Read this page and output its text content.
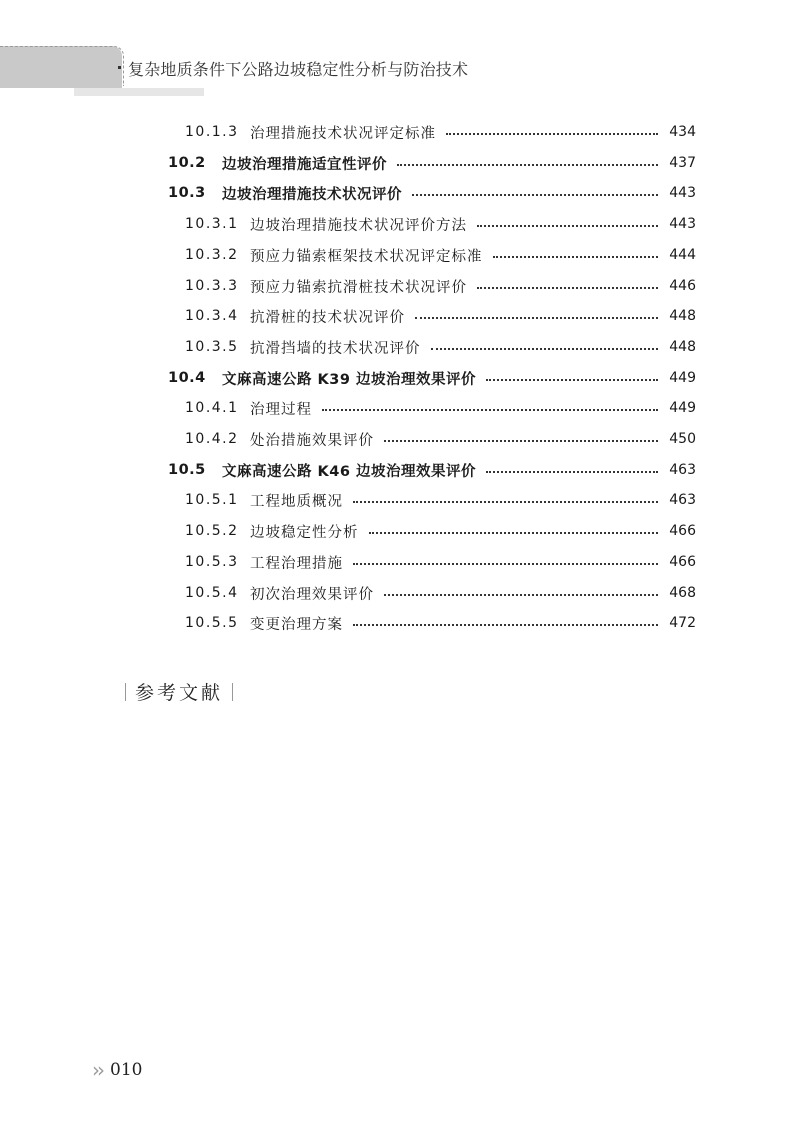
复杂地质条件下公路边坡稳定性分析与防治技术
10.1.3 治理措施技术状况评定标准	434
10.2 边坡治理措施适宜性评价	437
10.3 边坡治理措施技术状况评价	443
10.3.1 边坡治理措施技术状况评价方法	443
10.3.2 预应力锚索框架技术状况评定标准	444
10.3.3 预应力锚索抗滑桩技术状况评价	446
10.3.4 抗滑桩的技术状况评价	448
10.3.5 抗滑挡墙的技术状况评价	448
10.4 文麻高速公路 K39 边坡治理效果评价	449
10.4.1 治理过程	449
10.4.2 处治措施效果评价	450
10.5 文麻高速公路 K46 边坡治理效果评价	463
10.5.1 工程地质概况	463
10.5.2 边坡稳定性分析	466
10.5.3 工程治理措施	466
10.5.4 初次治理效果评价	468
10.5.5 变更治理方案	472
参考文献
›› 010
